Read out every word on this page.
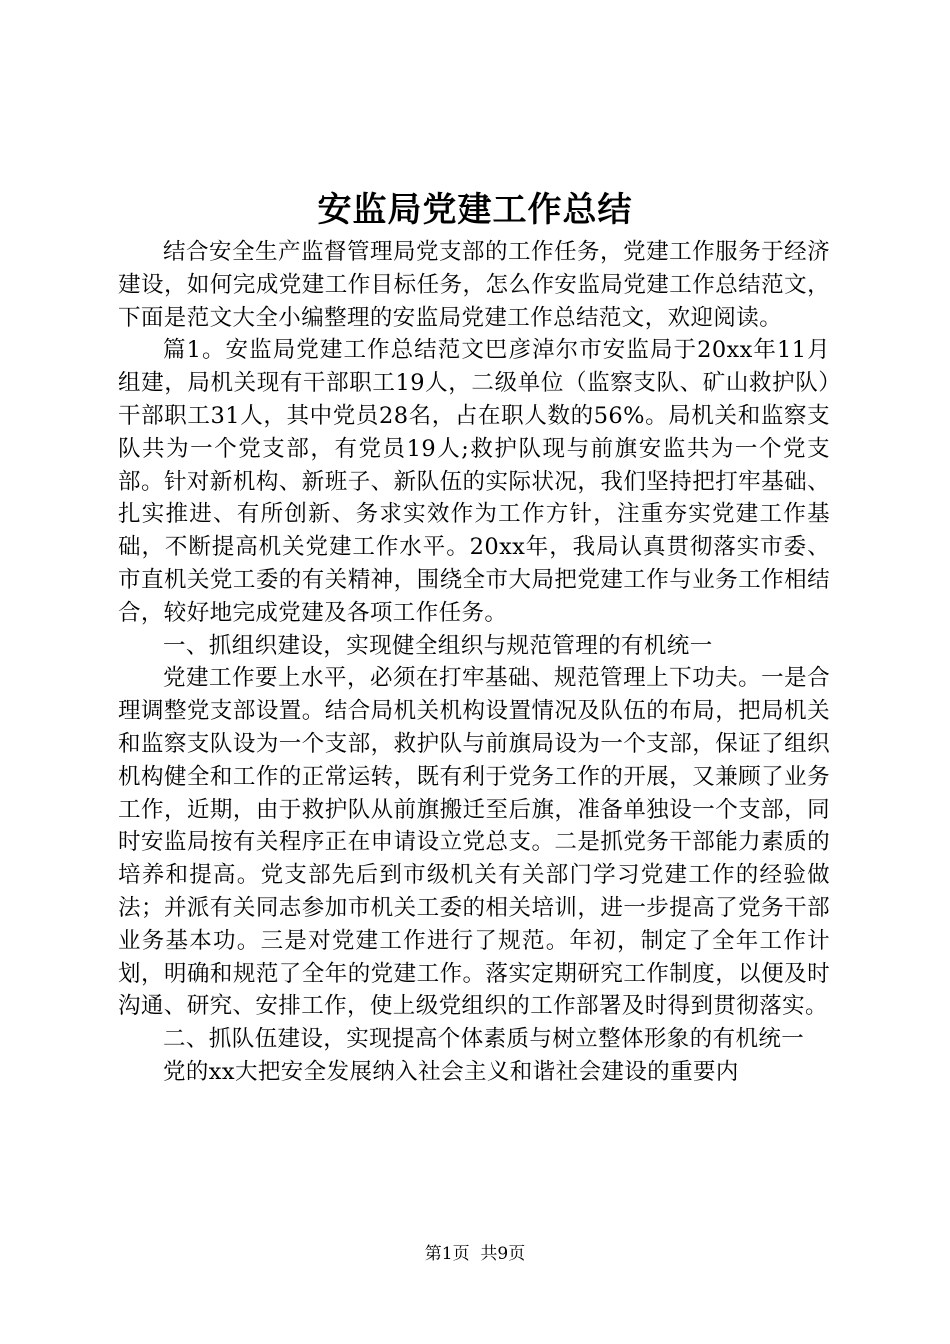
安监局党建工作总结

结合安全生产监督管理局党支部的工作任务，党建工作服务于经济建设，如何完成党建工作目标任务，怎么作安监局党建工作总结范文，下面是范文大全小编整理的安监局党建工作总结范文，欢迎阅读。

篇1。安监局党建工作总结范文巴彦淖尔市安监局于20xx年11月组建，局机关现有干部职工19人，二级单位（监察支队、矿山救护队）干部职工31人，其中党员28名，占在职人数的56%。局机关和监察支队共为一个党支部，有党员19人;救护队现与前旗安监共为一个党支部。针对新机构、新班子、新队伍的实际状况，我们坚持把打牢基础、扎实推进、有所创新、务求实效作为工作方针，注重夯实党建工作基础，不断提高机关党建工作水平。20xx年，我局认真贯彻落实市委、市直机关党工委的有关精神，围绕全市大局把党建工作与业务工作相结合，较好地完成党建及各项工作任务。

一、抓组织建设，实现健全组织与规范管理的有机统一

党建工作要上水平，必须在打牢基础、规范管理上下功夫。一是合理调整党支部设置。结合局机关机构设置情况及队伍的布局，把局机关和监察支队设为一个支部，救护队与前旗局设为一个支部，保证了组织机构健全和工作的正常运转，既有利于党务工作的开展，又兼顾了业务工作，近期，由于救护队从前旗搬迁至后旗，准备单独设一个支部，同时安监局按有关程序正在申请设立党总支。二是抓党务干部能力素质的培养和提高。党支部先后到市级机关有关部门学习党建工作的经验做法；并派有关同志参加市机关工委的相关培训，进一步提高了党务干部业务基本功。三是对党建工作进行了规范。年初，制定了全年工作计划，明确和规范了全年的党建工作。落实定期研究工作制度，以便及时沟通、研究、安排工作，使上级党组织的工作部署及时得到贯彻落实。

二、抓队伍建设，实现提高个体素质与树立整体形象的有机统一

党的xx大把安全发展纳入社会主义和谐社会建设的重要内

第1页  共9页
